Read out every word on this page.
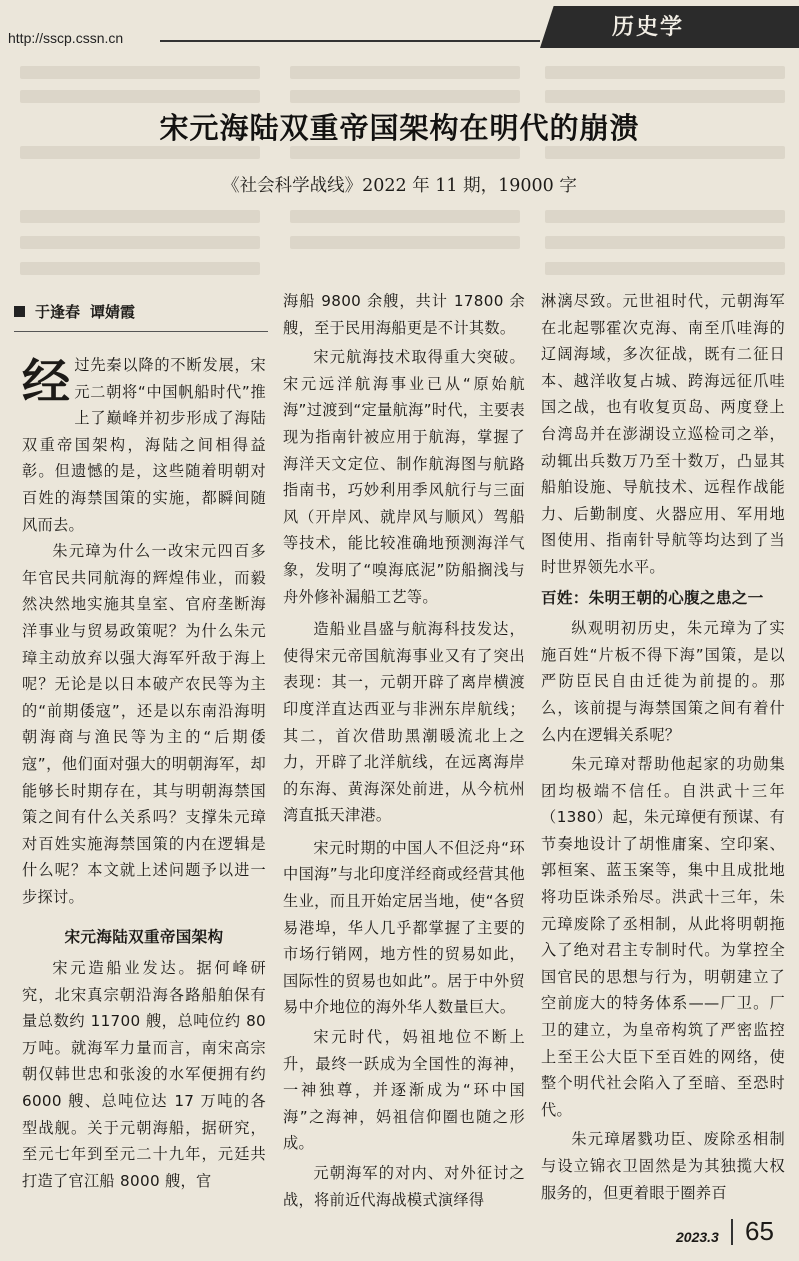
http://sscp.cssn.cn	历史学
宋元海陆双重帝国架构在明代的崩溃
《社会科学战线》2022 年 11 期，19000 字
于逢春 谭婧霞

经过先秦以降的不断发展，宋元二朝将“中国帆船时代”推上了巅峰并初步形成了海陆双重帝国架构，海陆之间相得益彰。但遗憾的是，这些随着明朝对百姓的海禁国策的实施，都瞬间随风而去。

朱元璋为什么一改宋元四百多年官民共同航海的辉煌伟业，而毅然决然地实施其皇室、官府垄断海洋事业与贸易政策呢？为什么朱元璋主动放弃以强大海军歼敌于海上呢？无论是以日本破产农民等为主的“前期倭寇”，还是以东南沿海明朝海商与渔民等为主的“后期倭寇”，他们面对强大的明朝海军，却能够长时期存在，其与明朝海禁国策之间有什么关系吗？支撑朱元璋对百姓实施海禁国策的内在逻辑是什么呢？本文就上述问题予以进一步探讨。

宋元海陆双重帝国架构

宋元造船业发达。据何峰研究，北宋真宗朝沿海各路船舶保有量总数约 11700 艘，总吨位约 80 万吨。就海军力量而言，南宋高宗朝仅韩世忠和张浚的水军便拥有约 6000 艘、总吨位达 17 万吨的各型战舰。关于元朝海船，据研究，至元七年到至元二十九年，元廷共打造了官江船 8000 艘，官

海船 9800 余艘，共计 17800 余艘，至于民用海船更是不计其数。

宋元航海技术取得重大突破。宋元远洋航海事业已从“原始航海”过渡到“定量航海”时代，主要表现为指南针被应用于航海，掌握了海洋天文定位、制作航海图与航路指南书，巧妙利用季风航行与三面风（开岸风、就岸风与顺风）驾船等技术，能比较准确地预测海洋气象，发明了“嗅海底泥”防船搁浅与舟外修补漏船工艺等。

造船业昌盛与航海科技发达，使得宋元帝国航海事业又有了突出表现：其一，元朝开辟了离岸横渡印度洋直达西亚与非洲东岸航线；其二，首次借助黑潮暖流北上之力，开辟了北洋航线，在远离海岸的东海、黄海深处前进，从今杭州湾直抵天津港。

宋元时期的中国人不但泛舟“环中国海”与北印度洋经商或经营其他生业，而且开始定居当地，使“各贸易港埠，华人几乎都掌握了主要的市场行销网，地方性的贸易如此，国际性的贸易也如此”。居于中外贸易中介地位的海外华人数量巨大。

宋元时代，妈祖地位不断上升，最终一跃成为全国性的海神，一神独尊，并逐渐成为“环中国海”之海神，妈祖信仰圈也随之形成。

元朝海军的对内、对外征讨之战，将前近代海战模式演绎得

淋漓尽致。元世祖时代，元朝海军在北起鄂霍次克海、南至爪哇海的辽阔海域，多次征战，既有二征日本、越洋收复占城、跨海远征爪哇国之战，也有收复页岛、两度登上台湾岛并在澎湖设立巡检司之举，动辄出兵数万乃至十数万，凸显其船舶设施、导航技术、远程作战能力、后勤制度、火器应用、军用地图使用、指南针导航等均达到了当时世界领先水平。

百姓：朱明王朝的心腹之患之一

纵观明初历史，朱元璋为了实施百姓“片板不得下海”国策，是以严防臣民自由迁徙为前提的。那么，该前提与海禁国策之间有着什么内在逻辑关系呢？

朱元璋对帮助他起家的功勋集团均极端不信任。自洪武十三年（1380）起，朱元璋便有预谋、有节奏地设计了胡惟庸案、空印案、郭桓案、蓝玉案等，集中且成批地将功臣诛杀殆尽。洪武十三年，朱元璋废除了丞相制，从此将明朝拖入了绝对君主专制时代。为掌控全国官民的思想与行为，明朝建立了空前庞大的特务体系——厂卫。厂卫的建立，为皇帝构筑了严密监控上至王公大臣下至百姓的网络，使整个明代社会陷入了至暗、至恐时代。

朱元璋屠戮功臣、废除丞相制与设立锦衣卫固然是为其独揽大权服务的，但更着眼于圈养百

2023.3 65
